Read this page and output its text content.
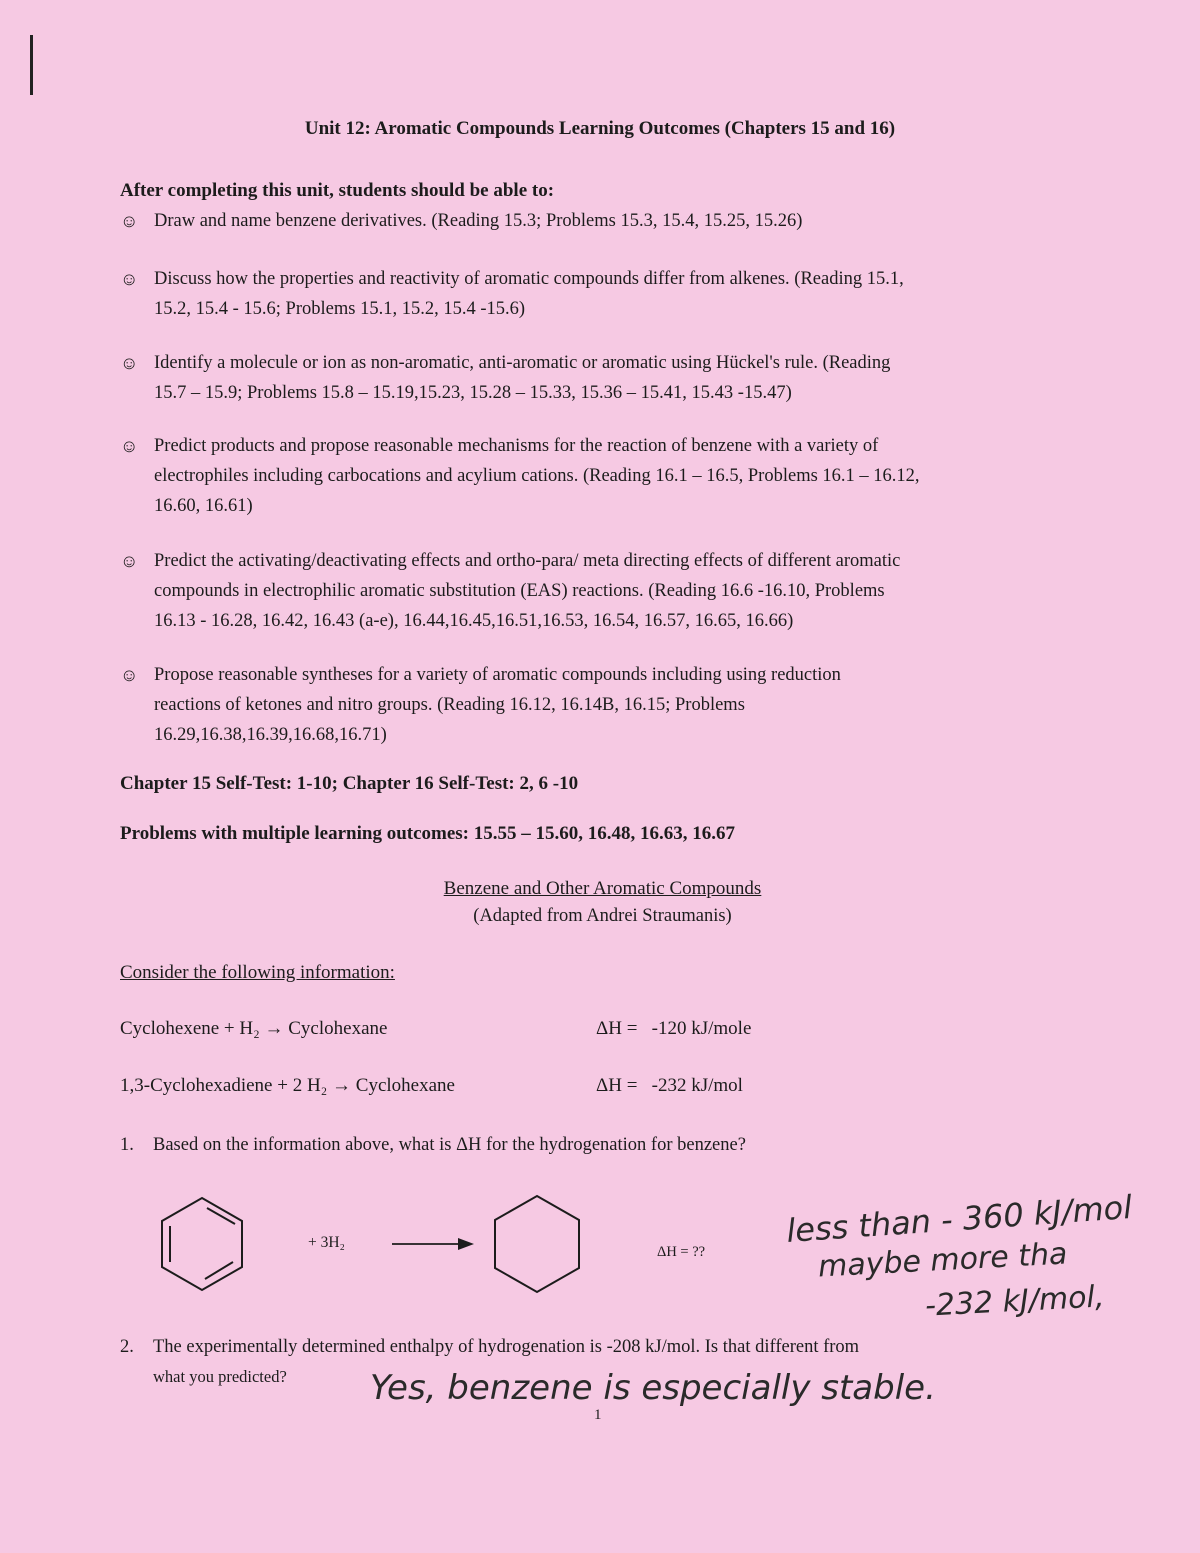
Unit 12: Aromatic Compounds Learning Outcomes (Chapters 15 and 16)
After completing this unit, students should be able to:
☺ Draw and name benzene derivatives. (Reading 15.3; Problems 15.3, 15.4, 15.25, 15.26)
☺ Discuss how the properties and reactivity of aromatic compounds differ from alkenes. (Reading 15.1,
15.2, 15.4 - 15.6; Problems 15.1, 15.2, 15.4 -15.6)
☺ Identify a molecule or ion as non-aromatic, anti-aromatic or aromatic using Hückel's rule. (Reading
15.7 – 15.9; Problems 15.8 – 15.19,15.23, 15.28 – 15.33, 15.36 – 15.41, 15.43 -15.47)
☺ Predict products and propose reasonable mechanisms for the reaction of benzene with a variety of
electrophiles including carbocations and acylium cations. (Reading 16.1 – 16.5, Problems 16.1 – 16.12,
16.60, 16.61)
☺ Predict the activating/deactivating effects and ortho-para/ meta directing effects of different aromatic
compounds in electrophilic aromatic substitution (EAS) reactions. (Reading 16.6 -16.10, Problems
16.13 - 16.28, 16.42, 16.43 (a-e), 16.44,16.45,16.51,16.53, 16.54, 16.57, 16.65, 16.66)
☺ Propose reasonable syntheses for a variety of aromatic compounds including using reduction
reactions of ketones and nitro groups. (Reading 16.12, 16.14B, 16.15; Problems
16.29,16.38,16.39,16.68,16.71)
Chapter 15 Self-Test: 1-10; Chapter 16 Self-Test: 2, 6 -10
Problems with multiple learning outcomes: 15.55 – 15.60, 16.48, 16.63, 16.67
Benzene and Other Aromatic Compounds
(Adapted from Andrei Straumanis)
Consider the following information:
Cyclohexene + H₂ → Cyclohexane	ΔH = -120 kJ/mole
1,3-Cyclohexadiene + 2 H₂ → Cyclohexane	ΔH = -232 kJ/mol
1. Based on the information above, what is ΔH for the hydrogenation for benzene?
+ 3H₂
ΔH = ??
less than - 360 kJ/mol
maybe more tha
-232 kJ/mol,
2. The experimentally determined enthalpy of hydrogenation is -208 kJ/mol. Is that different from
what you predicted?	Yes, benzene is especially stable.
1
